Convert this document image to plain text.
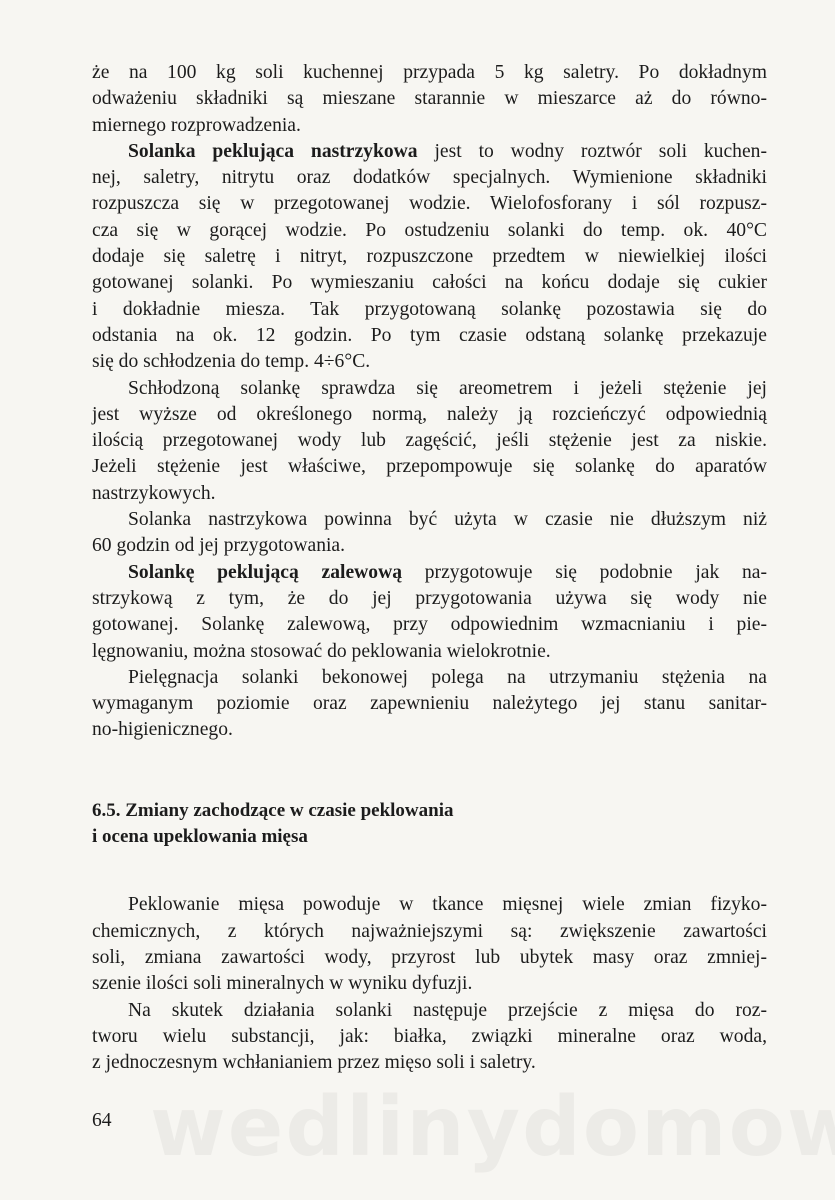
że na 100 kg soli kuchennej przypada 5 kg saletry. Po dokładnym
odważeniu składniki są mieszane starannie w mieszarce aż do równo-
miernego rozprowadzenia.
Solanka peklująca nastrzykowa jest to wodny roztwór soli kuchen-
nej, saletry, nitrytu oraz dodatków specjalnych. Wymienione składniki
rozpuszcza się w przegotowanej wodzie. Wielofosforany i sól rozpusz-
cza się w gorącej wodzie. Po ostudzeniu solanki do temp. ok. 40°C
dodaje się saletrę i nitryt, rozpuszczone przedtem w niewielkiej ilości
gotowanej solanki. Po wymieszaniu całości na końcu dodaje się cukier
i dokładnie miesza. Tak przygotowaną solankę pozostawia się do
odstania na ok. 12 godzin. Po tym czasie odstaną solankę przekazuje
się do schłodzenia do temp. 4÷6°C.
Schłodzoną solankę sprawdza się areometrem i jeżeli stężenie jej
jest wyższe od określonego normą, należy ją rozcieńczyć odpowiednią
ilością przegotowanej wody lub zagęścić, jeśli stężenie jest za niskie.
Jeżeli stężenie jest właściwe, przepompowuje się solankę do aparatów
nastrzykowych.
Solanka nastrzykowa powinna być użyta w czasie nie dłuższym niż
60 godzin od jej przygotowania.
Solankę peklującą zalewową przygotowuje się podobnie jak na-
strzykową z tym, że do jej przygotowania używa się wody nie
gotowanej. Solankę zalewową, przy odpowiednim wzmacnianiu i pie-
lęgnowaniu, można stosować do peklowania wielokrotnie.
Pielęgnacja solanki bekonowej polega na utrzymaniu stężenia na
wymaganym poziomie oraz zapewnieniu należytego jej stanu sanitar-
no-higienicznego.
6.5. Zmiany zachodzące w czasie peklowania
i ocena upeklowania mięsa
Peklowanie mięsa powoduje w tkance mięsnej wiele zmian fizyko-
chemicznych, z których najważniejszymi są: zwiększenie zawartości
soli, zmiana zawartości wody, przyrost lub ubytek masy oraz zmniej-
szenie ilości soli mineralnych w wyniku dyfuzji.
Na skutek działania solanki następuje przejście z mięsa do roz-
tworu wielu substancji, jak: białka, związki mineralne oraz woda,
z jednoczesnym wchłanianiem przez mięso soli i saletry.
64
